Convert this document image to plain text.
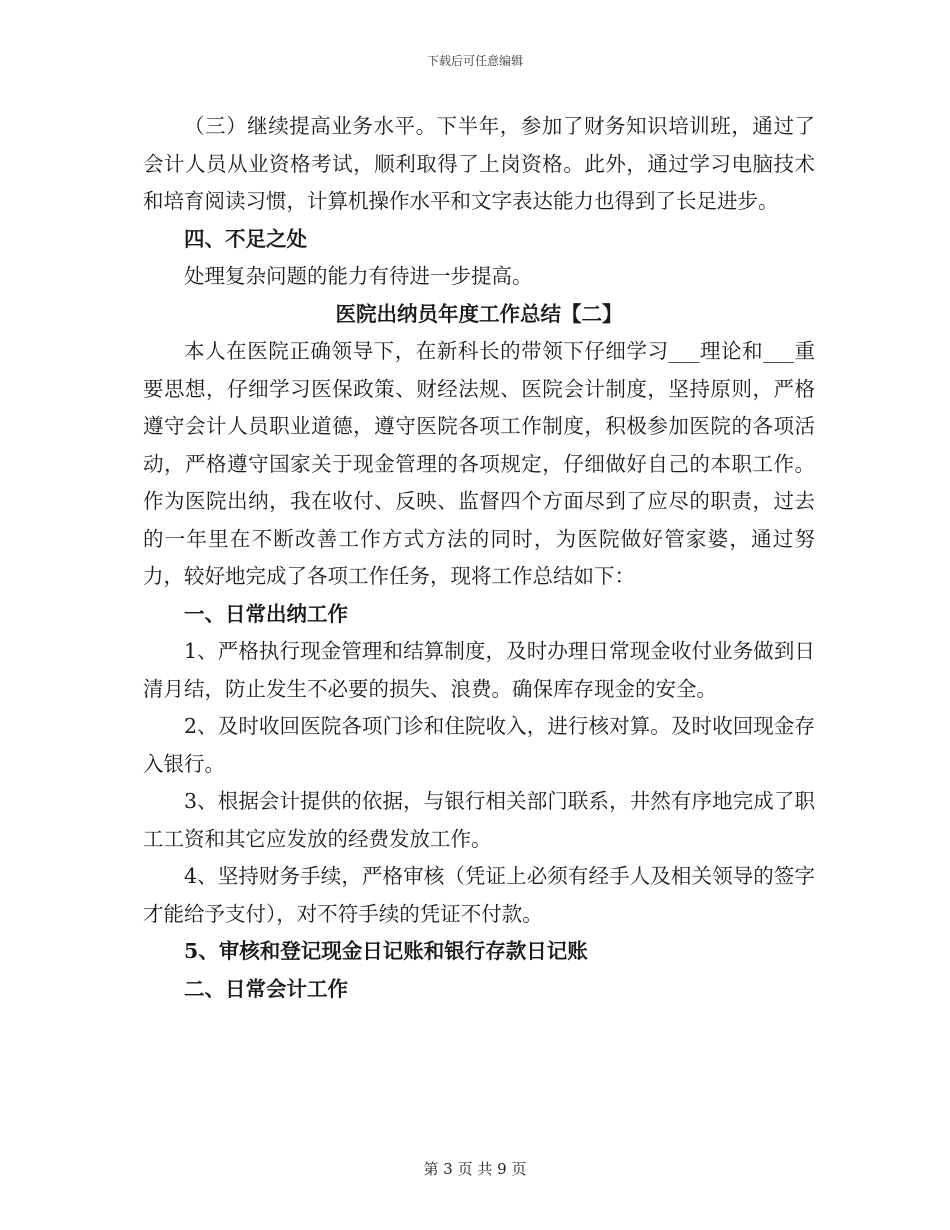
下载后可任意编辑

（三）继续提高业务水平。下半年，参加了财务知识培训班，通过了会计人员从业资格考试，顺利取得了上岗资格。此外，通过学习电脑技术和培育阅读习惯，计算机操作水平和文字表达能力也得到了长足进步。

四、不足之处

处理复杂问题的能力有待进一步提高。

医院出纳员年度工作总结【二】

本人在医院正确领导下，在新科长的带领下仔细学习___理论和___重要思想，仔细学习医保政策、财经法规、医院会计制度，坚持原则，严格遵守会计人员职业道德，遵守医院各项工作制度，积极参加医院的各项活动，严格遵守国家关于现金管理的各项规定，仔细做好自己的本职工作。作为医院出纳，我在收付、反映、监督四个方面尽到了应尽的职责，过去的一年里在不断改善工作方式方法的同时，为医院做好管家婆，通过努力，较好地完成了各项工作任务，现将工作总结如下：

一、日常出纳工作

1、严格执行现金管理和结算制度，及时办理日常现金收付业务做到日清月结，防止发生不必要的损失、浪费。确保库存现金的安全。

2、及时收回医院各项门诊和住院收入，进行核对算。及时收回现金存入银行。

3、根据会计提供的依据，与银行相关部门联系，井然有序地完成了职工工资和其它应发放的经费发放工作。

4、坚持财务手续，严格审核（凭证上必须有经手人及相关领导的签字才能给予支付），对不符手续的凭证不付款。

5、审核和登记现金日记账和银行存款日记账

二、日常会计工作

第 3 页 共 9 页
